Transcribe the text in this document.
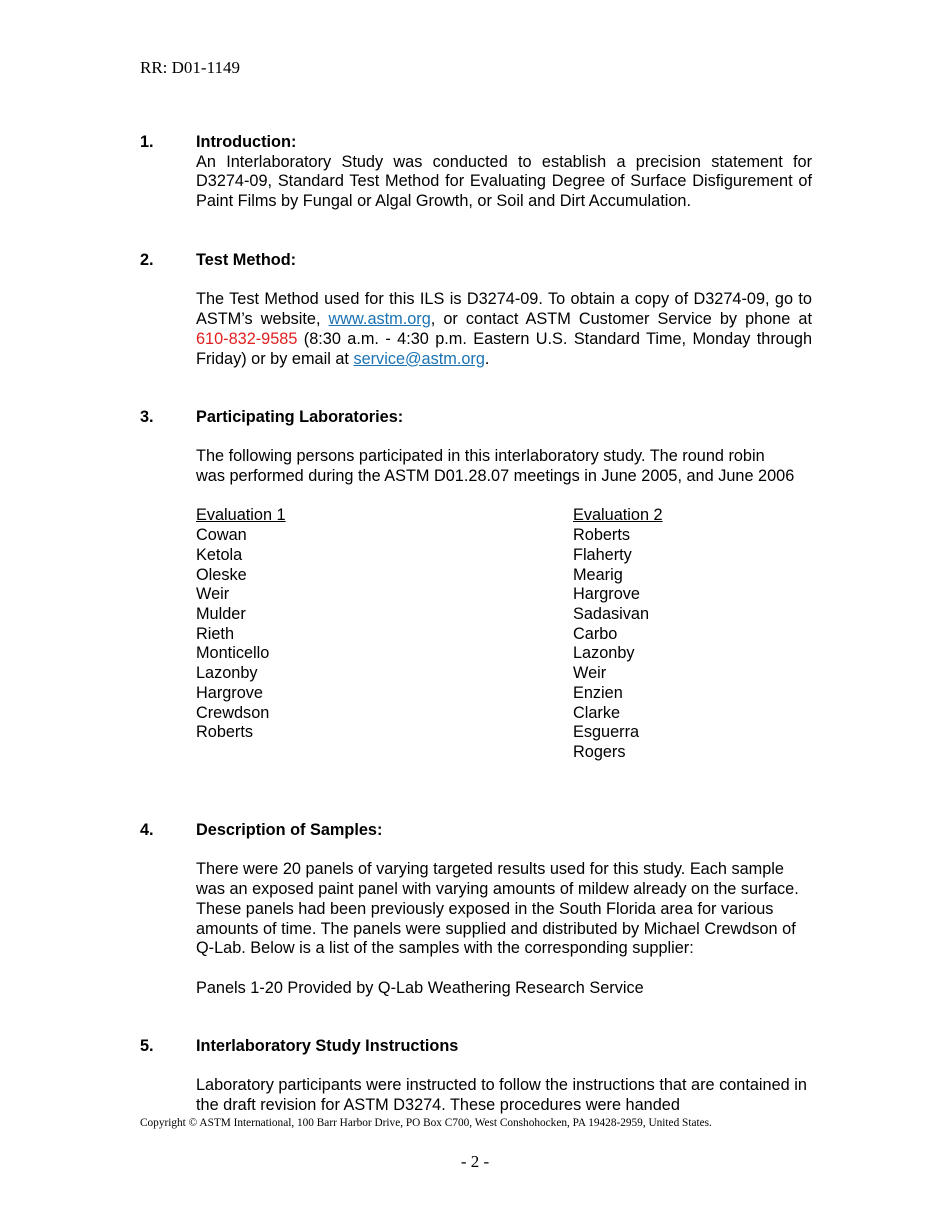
RR: D01-1149
1.	Introduction:
An Interlaboratory Study was conducted to establish a precision statement for D3274-09, Standard Test Method for Evaluating Degree of Surface Disfigurement of Paint Films by Fungal or Algal Growth, or Soil and Dirt Accumulation.
2.	Test Method:
The Test Method used for this ILS is D3274-09. To obtain a copy of D3274-09, go to ASTM’s website, www.astm.org, or contact ASTM Customer Service by phone at 610-832-9585 (8:30 a.m. - 4:30 p.m. Eastern U.S. Standard Time, Monday through Friday) or by email at service@astm.org.
3.	Participating Laboratories:
The following persons participated in this interlaboratory study. The round robin was performed during the ASTM D01.28.07 meetings in June 2005, and June 2006
Evaluation 1
Cowan
Ketola
Oleske
Weir
Mulder
Rieth
Monticello
Lazonby
Hargrove
Crewdson
Roberts
Evaluation 2
Roberts
Flaherty
Mearig
Hargrove
Sadasivan
Carbo
Lazonby
Weir
Enzien
Clarke
Esguerra
Rogers
4.	Description of Samples:
There were 20 panels of varying targeted results used for this study. Each sample was an exposed paint panel with varying amounts of mildew already on the surface. These panels had been previously exposed in the South Florida area for various amounts of time. The panels were supplied and distributed by Michael Crewdson of Q-Lab. Below is a list of the samples with the corresponding supplier:
Panels 1-20 Provided by Q-Lab Weathering Research Service
5.	Interlaboratory Study Instructions
Laboratory participants were instructed to follow the instructions that are contained in the draft revision for ASTM D3274. These procedures were handed
Copyright © ASTM International, 100 Barr Harbor Drive, PO Box C700, West Conshohocken, PA 19428-2959, United States.
- 2 -
